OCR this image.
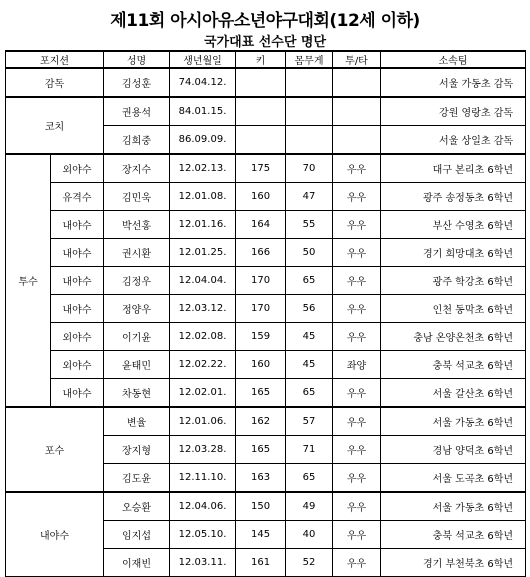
제11회 아시아유소년야구대회(12세 이하)
국가대표 선수단 명단
포지션		성명	생년월일	키	몸무게	투/타	소속팀
감독		김성훈	74.04.12.				서울 가동초 감독
코치		권용석	84.01.15.				강원 영랑초 감독
		김희중	86.09.09.				서울 상일초 감독
투수	외야수	장지수	12.02.13.	175	70	우우	대구 본리초 6학년
	유격수	김민욱	12.01.08.	160	47	우우	광주 송정동초 6학년
	내야수	박선홍	12.01.16.	164	55	우우	부산 수영초 6학년
	내야수	권시환	12.01.25.	166	50	우우	경기 희망대초 6학년
	내야수	김정우	12.04.04.	170	65	우우	광주 학강초 6학년
	내야수	정양우	12.03.12.	170	56	우우	인천 동막초 6학년
	외야수	이기윤	12.02.08.	159	45	우우	충남 온양온천초 6학년
	외야수	윤태민	12.02.22.	160	45	좌양	충북 석교초 6학년
	내야수	차동현	12.02.01.	165	65	우우	서울 갈산초 6학년
포수		변율	12.01.06.	162	57	우우	서울 가동초 6학년
		장지형	12.03.28.	165	71	우우	경남 양덕초 6학년
		김도윤	12.11.10.	163	65	우우	서울 도곡초 6학년
내야수		오승환	12.04.06.	150	49	우우	서울 가동초 6학년
		임지섭	12.05.10.	145	40	우우	충북 석교초 6학년
		이재빈	12.03.11.	161	52	우우	경기 부천북초 6학년
